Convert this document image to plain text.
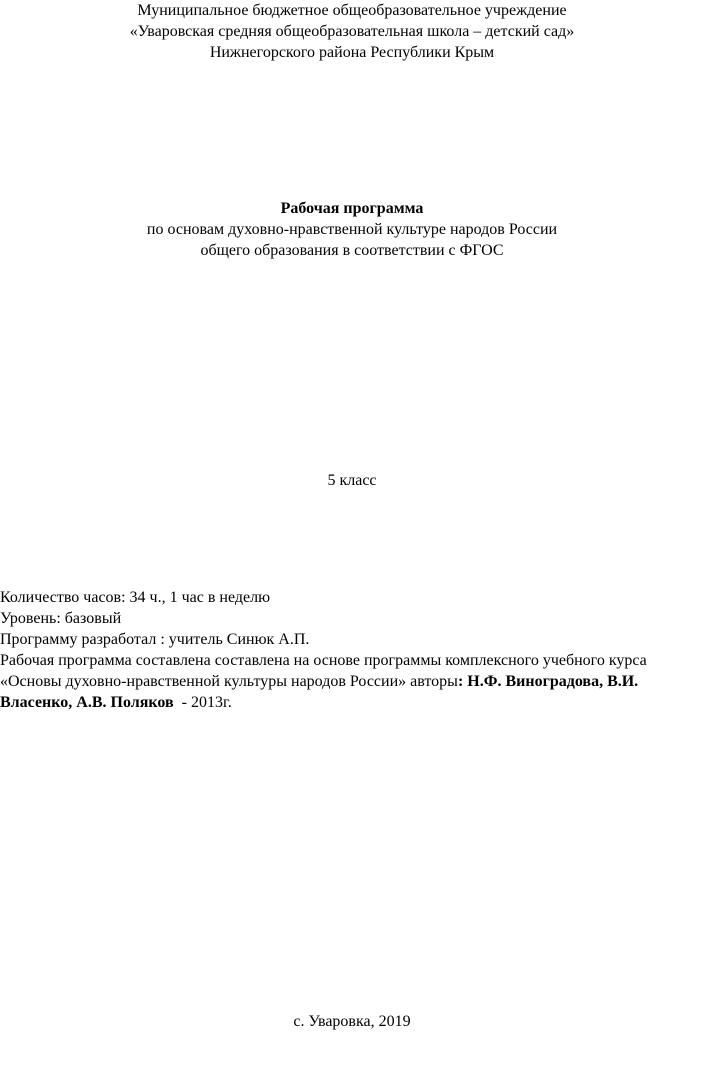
Муниципальное бюджетное общеобразовательное учреждение
«Уваровская средняя общеобразовательная школа – детский сад»
Нижнегорского района Республики Крым
Рабочая программа
по основам духовно-нравственной культуре народов России
общего образования в соответствии с ФГОС
5 класс
Количество часов: 34 ч., 1 час в неделю
Уровень: базовый
Программу разработал : учитель Синюк А.П.
Рабочая программа составлена составлена на основе программы комплексного учебного курса
«Основы духовно-нравственной культуры народов России» авторы: Н.Ф. Виноградова, В.И.
Власенко, А.В. Поляков  - 2013г.
с. Уваровка, 2019
